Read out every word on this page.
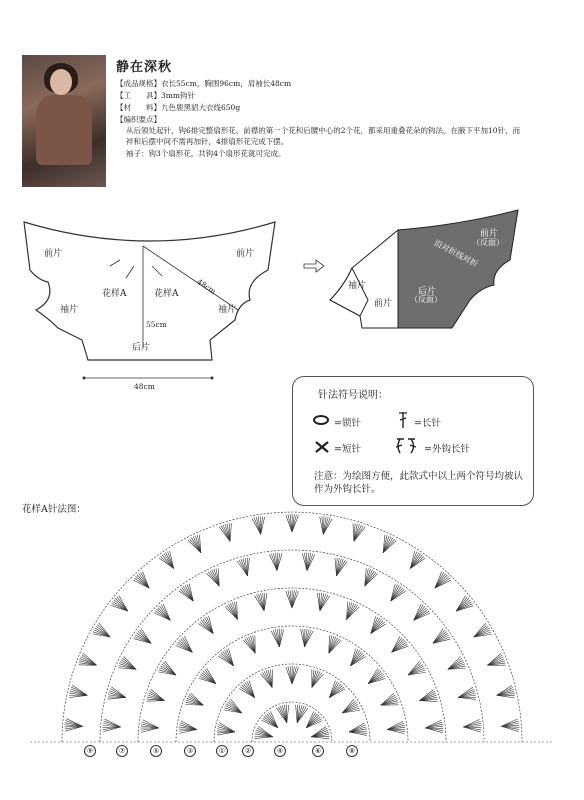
静在深秋
【成品规格】衣长55cm，胸围96cm，肩袖长48cm
【工　　具】3mm钩针
【材　　料】九色鹿黑貂大衣线650g
【编织要点】
从后领处起针，钩6排完整扇形花，前襟的第一个花和后腰中心的2个花，都采用重叠花朵的钩法。在腋下平加10针，而袢和后摆中间不需再加针，4排扇形花完成下摆。
袖子：钩3个扇形花，共钩4个扇形花就可完成。
前片	前片
袖片	袖片
花样A	花样A
后片
48cm
55cm
48cm
前片
（反面）
沿对折线对折
袖片
前片
后片
（反面）
针法符号说明：
=锁针	=长针
=短针	=外钩长针
注意：为绘图方便，此款式中以上两个符号均被认作为外钩长针。
花样A针法图：
⑨	⑦	⑤	③	①	②	④	⑥	⑧
